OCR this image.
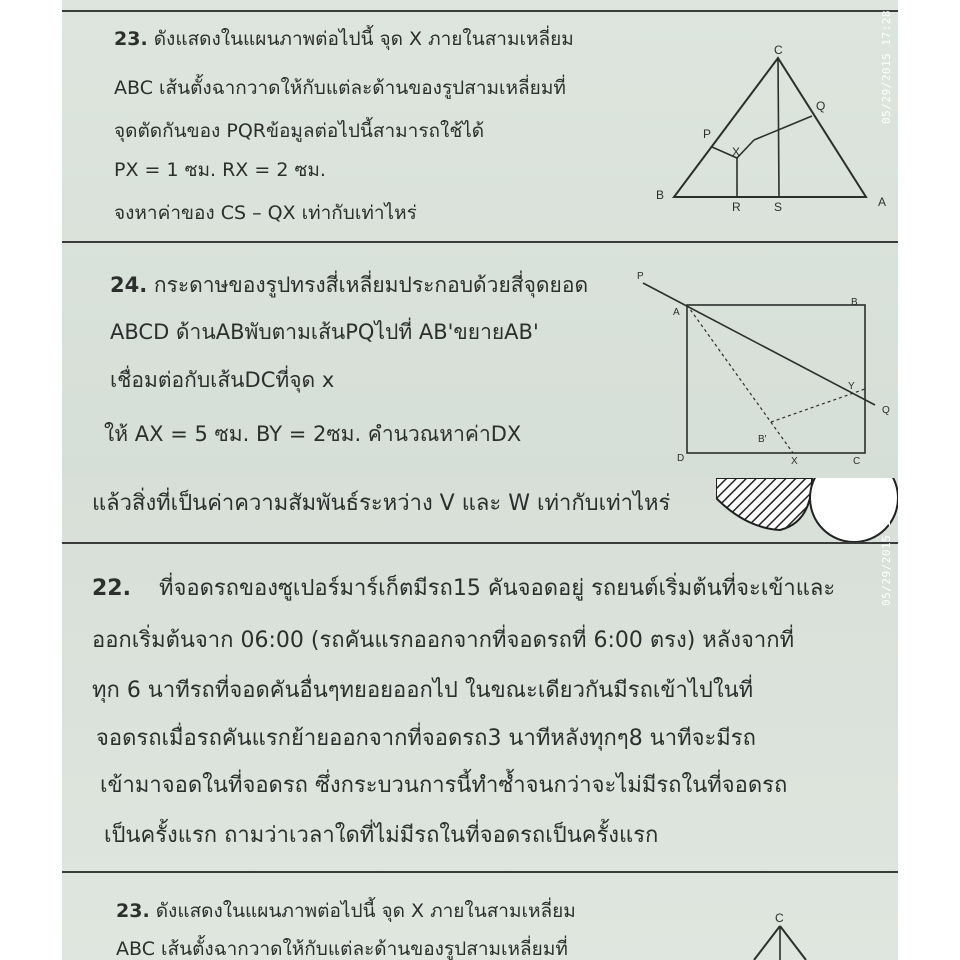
23. ดังแสดงในแผนภาพต่อไปนี้ จุด X ภายในสามเหลี่ยม
ABC เส้นตั้งฉากวาดให้กับแต่ละด้านของรูปสามเหลี่ยมที่
จุดตัดกันของ PQRข้อมูลต่อไปนี้สามารถใช้ได้
PX = 1 ซม. RX = 2 ซม.
จงหาค่าของ CS – QX เท่ากับเท่าไหร่
C
Q
P
X
B
R	S	A
24. กระดาษของรูปทรงสี่เหลี่ยมประกอบด้วยสี่จุดยอด
ABCD ด้านABพับตามเส้นPQไปที่ AB'ขยายAB'
เชื่อมต่อกับเส้นDCที่จุด x
ให้ AX = 5 ซม. BY = 2ซม. คำนวณหาค่าDX
P
A
B
Y
Q
B'
D	X	C
แล้วสิ่งที่เป็นค่าความสัมพันธ์ระหว่าง V และ W เท่ากับเท่าไหร่
22. ที่จอดรถของซูเปอร์มาร์เก็ตมีรถ15 คันจอดอยู่ รถยนต์เริ่มต้นที่จะเข้าและ
ออกเริ่มต้นจาก 06:00 (รถคันแรกออกจากที่จอดรถที่ 6:00 ตรง) หลังจากที่
ทุก 6 นาทีรถที่จอดคันอื่นๆทยอยออกไป ในขณะเดียวกันมีรถเข้าไปในที่
จอดรถเมื่อรถคันแรกย้ายออกจากที่จอดรถ3 นาทีหลังทุกๆ8 นาทีจะมีรถ
เข้ามาจอดในที่จอดรถ ซึ่งกระบวนการนี้ทำซ้ำจนกว่าจะไม่มีรถในที่จอดรถ
เป็นครั้งแรก ถามว่าเวลาใดที่ไม่มีรถในที่จอดรถเป็นครั้งแรก
23. ดังแสดงในแผนภาพต่อไปนี้ จุด X ภายในสามเหลี่ยม
ABC เส้นตั้งฉากวาดให้กับแต่ละด้านของรูปสามเหลี่ยมที่
C
05/29/2015 17:28
05/29/2015 17:28
